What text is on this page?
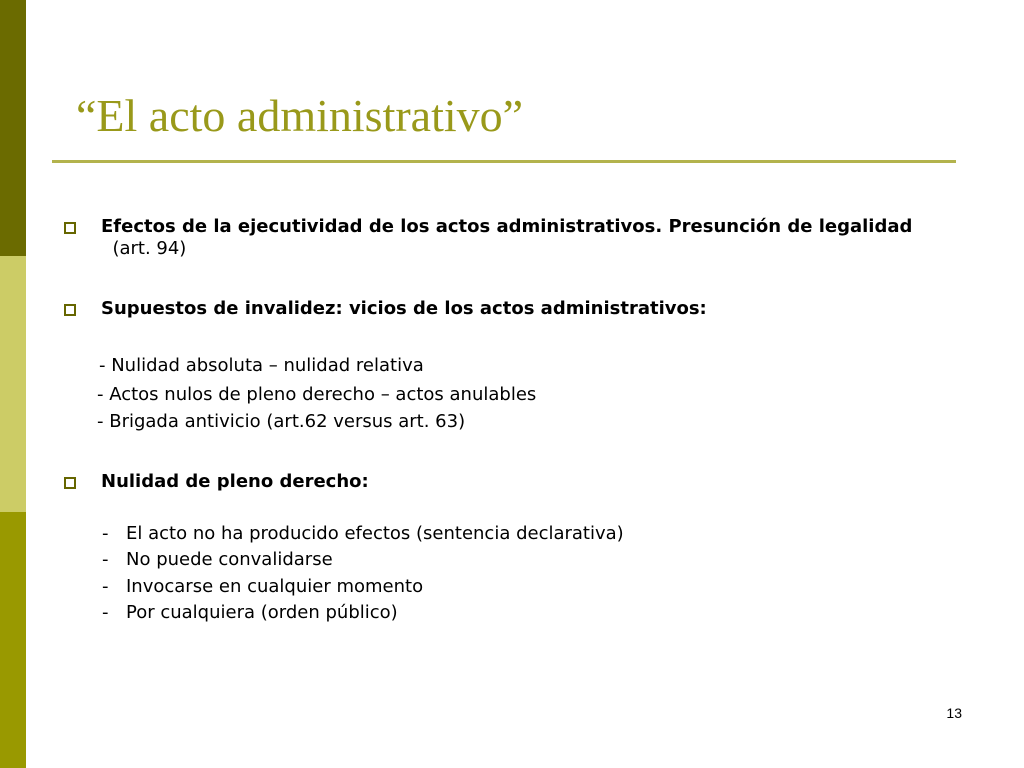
“El acto administrativo”
Efectos de la ejecutividad de los actos administrativos. Presunción de legalidad  (art. 94)
Supuestos de invalidez: vicios de los actos administrativos:
- Nulidad absoluta – nulidad relativa
- Actos nulos de pleno derecho – actos anulables
- Brigada antivicio (art.62 versus art. 63)
Nulidad de pleno derecho:
- El acto no ha producido efectos (sentencia declarativa)
- No puede convalidarse
- Invocarse en cualquier momento
- Por cualquiera (orden público)
13
